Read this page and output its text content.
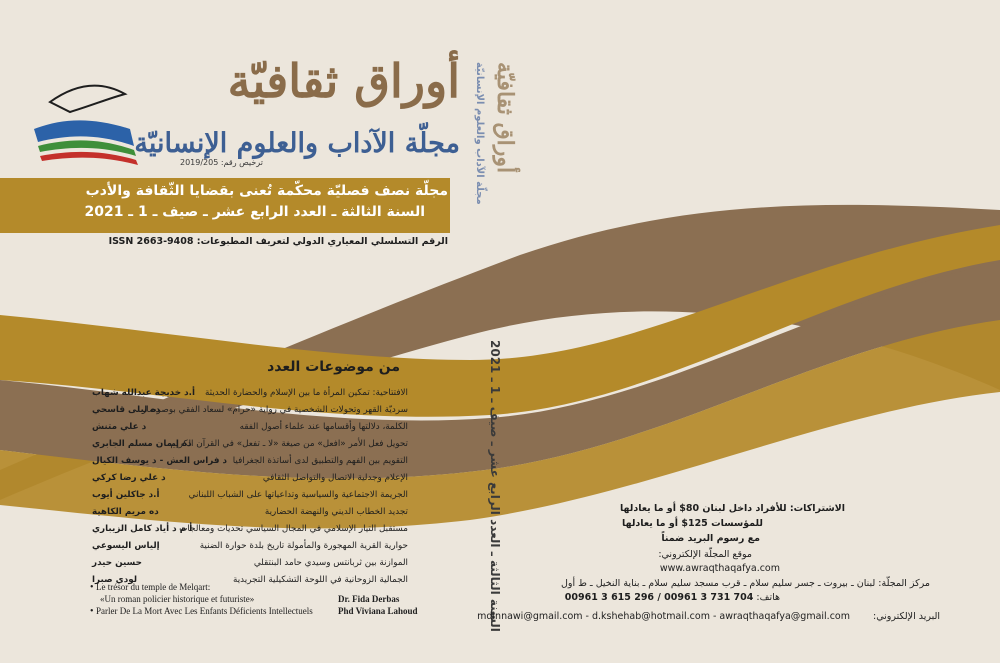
أوراق ثقافيّة
مجلّة الآداب والعلوم الإنسانيّة
ترخيص رقم: 2019/205
مجلّة نصف فصليّة محكّمة تُعنى بقضايا الثّقافة والأدب
السنة الثالثة ـ العدد الرابع عشر ـ صيف ـ 1 ـ 2021
الرقم التسلسلي المعياري الدولي لتعريف المطبوعات: ISSN 2663-9408
أوراق ثقافيّة
مجلّة الآداب والعلوم الإنسانيّة
السنة الثالثة ـ العدد الرابع عشر ـ صيف ـ 1 ـ 2021
من موضوعات العدد
الافتتاحية: تمكين المرأة ما بين الإسلام والحضارة الحديثة
أ.د خديجة عبدالله شهاب
سرديّة القهر وتحولات الشخصية في رواية «حرام» لسعاد الفقي بوصرصار
ده ليلى قاسحي
الكلمة، دلالتها وأقسامها عند علماء أصول الفقه
د علي متنش
تحويل فعل الأمر «افعل» من صيغة «لا ـ تفعل» في القرآن الكريم
ده إيمان مسلم الجابري
التقويم بين الفهم والتطبيق لدى أساتذة الجغرافيا
د فراس العش - د يوسف الكيال
الإعلام وجدلية الاتصال والتواصل الثقافي
د علي رضا كركي
الجريمة الاجتماعية والسياسية وتداعياتها على الشباب اللبناني
أ.د جاكلين أيوب
تجديد الخطاب الديني والنهضة الحضارية
ده مريم الكاهية
مستقبل التيار الإسلامي في المجال السياسي تحديات ومعالجات
أ م د أياد كامل الزيباري
حوارية القرية المهجورة والمأمولة تاريخ بلدة حوارة الضنية
إلياس اليسوعي
الموازنة بين ثربانتس وسيدي حامد البنتقلي
حسين حيدر
الجمالية الزوحانية في اللوحة التشكيلية التجريدية
لودي صبرا
• Le trésor du temple de Melqart:
«Un roman policier historique et futuriste»	Dr. Fida Derbas
• Parler De La Mort Avec Les Enfants Déficients Intellectuels	Phd Viviana Lahoud
الاشتراكات: للأفراد داخل لبنان 80$ أو ما يعادلها
للمؤسسات 125$ أو ما يعادلها
مع رسوم البريد ضمناً
موقع المجلّة الإلكتروني:
www.awraqthaqafya.com
مركز المجلّة: لبنان ـ بيروت ـ جسر سليم سلام ـ قرب مسجد سليم سلام ـ بناية النخيل ـ ط أول
هاتف: 00961 3 615 296 / 00961 3 731 704
البريد الإلكتروني:
mdinnawi@gmail.com - d.kshehab@hotmail.com - awraqthaqafya@gmail.com
